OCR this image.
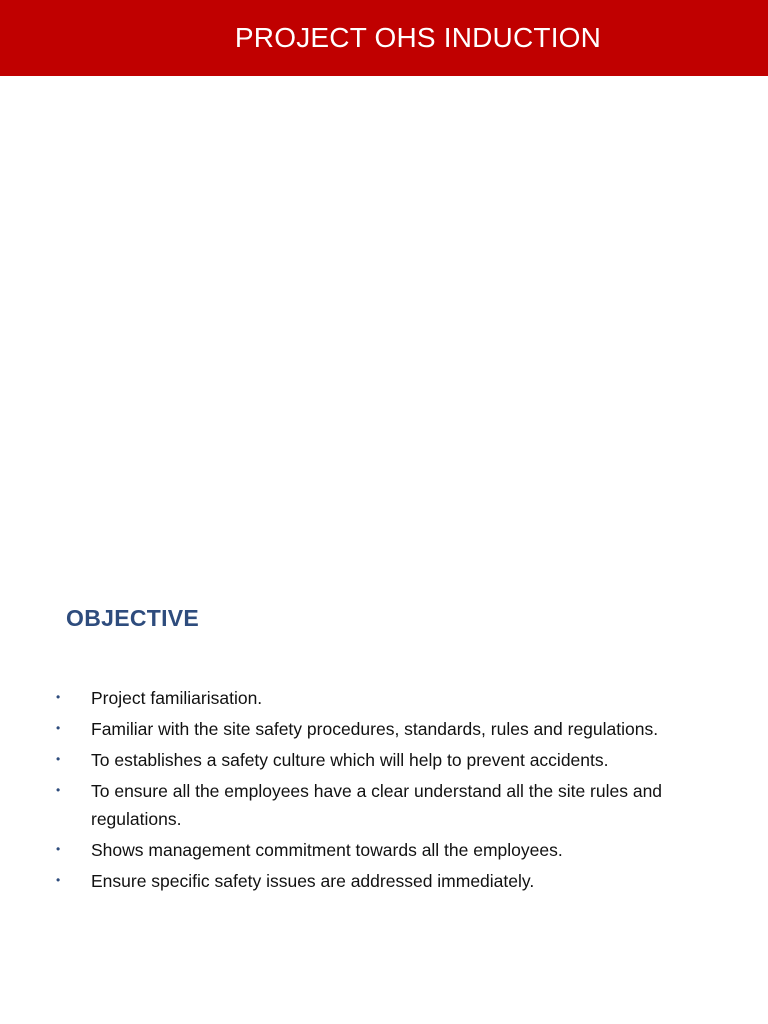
PROJECT OHS INDUCTION
OBJECTIVE
•	Project familiarisation.
•	Familiar with the site safety procedures, standards, rules and regulations.
•	To establishes a safety culture which will help to prevent accidents.
•	To ensure all the employees have a clear understand all the site rules and regulations.
•	Shows management commitment towards all the employees.
•	Ensure specific safety issues are addressed immediately.
